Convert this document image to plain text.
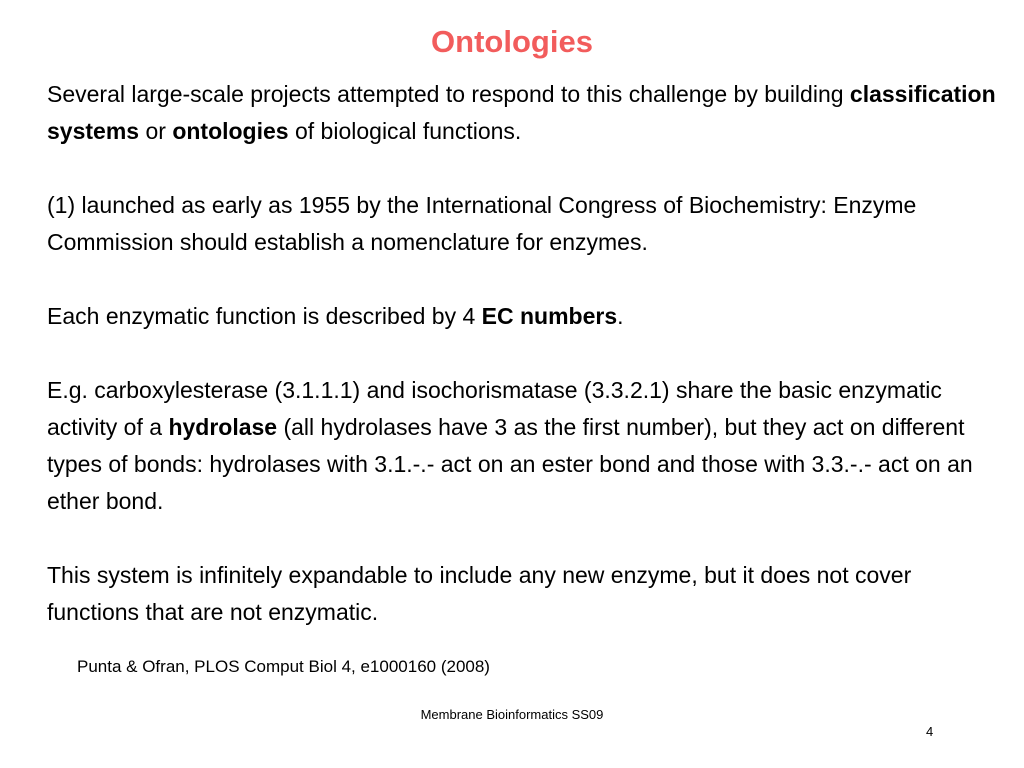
Ontologies

Several large-scale projects attempted to respond to this challenge by building classification systems or ontologies of biological functions.

(1) launched as early as 1955 by the International Congress of Biochemistry: Enzyme Commission should establish a nomenclature for enzymes.

Each enzymatic function is described by 4 EC numbers.

E.g. carboxylesterase (3.1.1.1) and isochorismatase (3.3.2.1) share the basic enzymatic activity of a hydrolase (all hydrolases have 3 as the first number), but they act on different types of bonds: hydrolases with 3.1.-.- act on an ester bond and those with 3.3.-.- act on an ether bond.

This system is infinitely expandable to include any new enzyme, but it does not cover functions that are not enzymatic.

Punta & Ofran, PLOS Comput Biol 4, e1000160 (2008)
Membrane Bioinformatics SS09
4
